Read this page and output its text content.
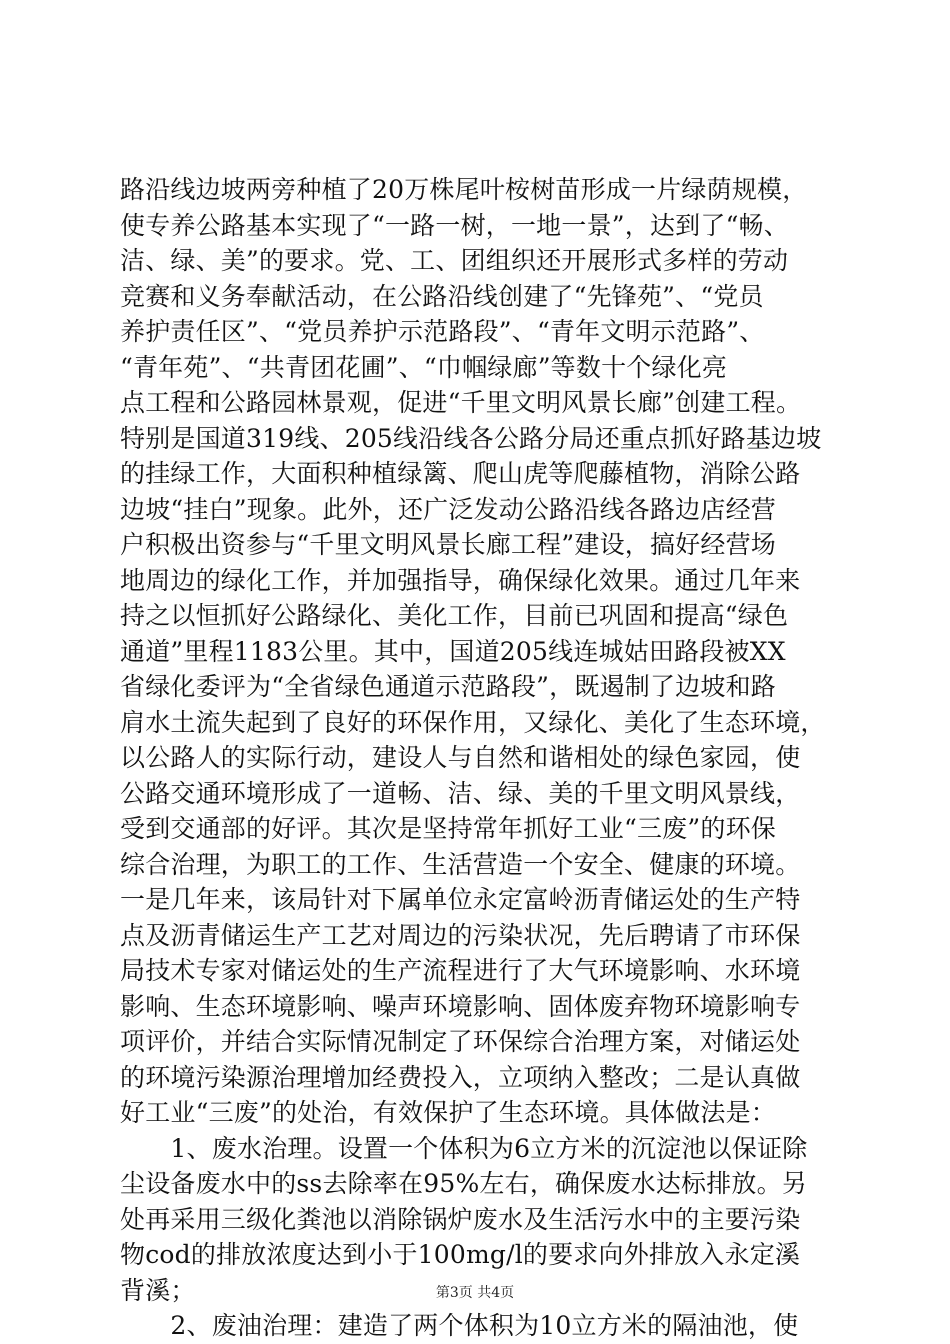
路沿线边坡两旁种植了20万株尾叶桉树苗形成一片绿荫规模，
使专养公路基本实现了“一路一树，一地一景”，达到了“畅、
洁、绿、美”的要求。党、工、团组织还开展形式多样的劳动
竞赛和义务奉献活动，在公路沿线创建了“先锋苑”、“党员
养护责任区”、“党员养护示范路段”、“青年文明示范路”、
“青年苑”、“共青团花圃”、“巾帼绿廊”等数十个绿化亮
点工程和公路园林景观，促进“千里文明风景长廊”创建工程。
特别是国道319线、205线沿线各公路分局还重点抓好路基边坡
的挂绿工作，大面积种植绿篱、爬山虎等爬藤植物，消除公路
边坡“挂白”现象。此外，还广泛发动公路沿线各路边店经营
户积极出资参与“千里文明风景长廊工程”建设，搞好经营场
地周边的绿化工作，并加强指导，确保绿化效果。通过几年来
持之以恒抓好公路绿化、美化工作，目前已巩固和提高“绿色
通道”里程1183公里。其中，国道205线连城姑田路段被XX
省绿化委评为“全省绿色通道示范路段”，既遏制了边坡和路
肩水土流失起到了良好的环保作用，又绿化、美化了生态环境，
以公路人的实际行动，建设人与自然和谐相处的绿色家园，使
公路交通环境形成了一道畅、洁、绿、美的千里文明风景线，
受到交通部的好评。其次是坚持常年抓好工业“三废”的环保
综合治理，为职工的工作、生活营造一个安全、健康的环境。
一是几年来，该局针对下属单位永定富岭沥青储运处的生产特
点及沥青储运生产工艺对周边的污染状况，先后聘请了市环保
局技术专家对储运处的生产流程进行了大气环境影响、水环境
影响、生态环境影响、噪声环境影响、固体废弃物环境影响专
项评价，并结合实际情况制定了环保综合治理方案，对储运处
的环境污染源治理增加经费投入，立项纳入整改；二是认真做
好工业“三废”的处治，有效保护了生态环境。具体做法是：
　　1、废水治理。设置一个体积为6立方米的沉淀池以保证除
尘设备废水中的ss去除率在95%左右，确保废水达标排放。另
处再采用三级化粪池以消除锅炉废水及生活污水中的主要污染
物cod的排放浓度达到小于100mg/l的要求向外排放入永定溪
背溪；
　　2、废油治理：建造了两个体积为10立方米的隔油池，使
第3页 共4页
